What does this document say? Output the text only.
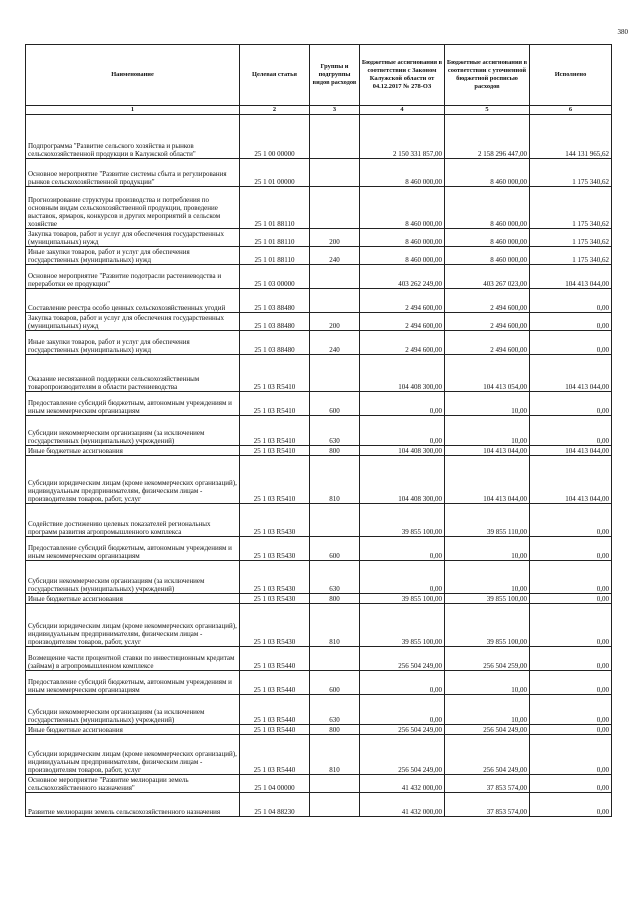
380
Наименование	Целевая статья	Группы и подгруппы видов расходов	Бюджетные ассигнования в соответствии с Законом Калужской области от 04.12.2017 № 278-ОЗ	Бюджетные ассигнования в соответствии с уточненной бюджетной росписью расходов	Исполнено
1	2	3	4	5	6
Подпрограмма "Развитие сельского хозяйства и рынков сельскохозяйственной продукции в Калужской области"	25 1 00 00000		2 150 331 857,00	2 158 296 447,00	144 131 965,62
Основное мероприятие "Развитие системы сбыта и регулирования рынков сельскохозяйственной продукции"	25 1 01 00000		8 460 000,00	8 460 000,00	1 175 340,62
Прогнозирование структуры производства и потребления по основным видам сельскохозяйственной продукции, проведение выставок, ярмарок, конкурсов и других мероприятий в сельском хозяйстве	25 1 01 88110		8 460 000,00	8 460 000,00	1 175 340,62
Закупка товаров, работ и услуг для обеспечения государственных (муниципальных) нужд	25 1 01 88110	200	8 460 000,00	8 460 000,00	1 175 340,62
Иные закупки товаров, работ и услуг для обеспечения государственных (муниципальных) нужд	25 1 01 88110	240	8 460 000,00	8 460 000,00	1 175 340,62
Основное мероприятие "Развитие подотрасли растениеводства и переработки ее продукции"	25 1 03 00000		403 262 249,00	403 267 023,00	104 413 044,00
Составление реестра особо ценных сельскохозяйственных угодий	25 1 03 88480		2 494 600,00	2 494 600,00	0,00
Закупка товаров, работ и услуг для обеспечения государственных (муниципальных) нужд	25 1 03 88480	200	2 494 600,00	2 494 600,00	0,00
Иные закупки товаров, работ и услуг для обеспечения государственных (муниципальных) нужд	25 1 03 88480	240	2 494 600,00	2 494 600,00	0,00
Оказание несвязанной поддержки сельскохозяйственным товаропроизводителям в области растениеводства	25 1 03 R5410		104 408 300,00	104 413 054,00	104 413 044,00
Предоставление субсидий бюджетным, автономным учреждениям и иным некоммерческим организациям	25 1 03 R5410	600	0,00	10,00	0,00
Субсидии некоммерческим организациям (за исключением государственных (муниципальных) учреждений)	25 1 03 R5410	630	0,00	10,00	0,00
Иные бюджетные ассигнования	25 1 03 R5410	800	104 408 300,00	104 413 044,00	104 413 044,00
Субсидии юридическим лицам (кроме некоммерческих организаций), индивидуальным предпринимателям, физическим лицам - производителям товаров, работ, услуг	25 1 03 R5410	810	104 408 300,00	104 413 044,00	104 413 044,00
Содействие достижению целевых показателей региональных программ развития агропромышленного комплекса	25 1 03 R5430		39 855 100,00	39 855 110,00	0,00
Предоставление субсидий бюджетным, автономным учреждениям и иным некоммерческим организациям	25 1 03 R5430	600	0,00	10,00	0,00
Субсидии некоммерческим организациям (за исключением государственных (муниципальных) учреждений)	25 1 03 R5430	630	0,00	10,00	0,00
Иные бюджетные ассигнования	25 1 03 R5430	800	39 855 100,00	39 855 100,00	0,00
Субсидии юридическим лицам (кроме некоммерческих организаций), индивидуальным предпринимателям, физическим лицам - производителям товаров, работ, услуг	25 1 03 R5430	810	39 855 100,00	39 855 100,00	0,00
Возмещение части процентной ставки по инвестиционным кредитам (займам) в агропромышленном комплексе	25 1 03 R5440		256 504 249,00	256 504 259,00	0,00
Предоставление субсидий бюджетным, автономным учреждениям и иным некоммерческим организациям	25 1 03 R5440	600	0,00	10,00	0,00
Субсидии некоммерческим организациям (за исключением государственных (муниципальных) учреждений)	25 1 03 R5440	630	0,00	10,00	0,00
Иные бюджетные ассигнования	25 1 03 R5440	800	256 504 249,00	256 504 249,00	0,00
Субсидии юридическим лицам (кроме некоммерческих организаций), индивидуальным предпринимателям, физическим лицам - производителям товаров, работ, услуг	25 1 03 R5440	810	256 504 249,00	256 504 249,00	0,00
Основное мероприятие "Развитие мелиорации земель сельскохозяйственного назначения"	25 1 04 00000		41 432 000,00	37 853 574,00	0,00
Развитие мелиорации земель сельскохозяйственного назначения	25 1 04 88230		41 432 000,00	37 853 574,00	0,00
